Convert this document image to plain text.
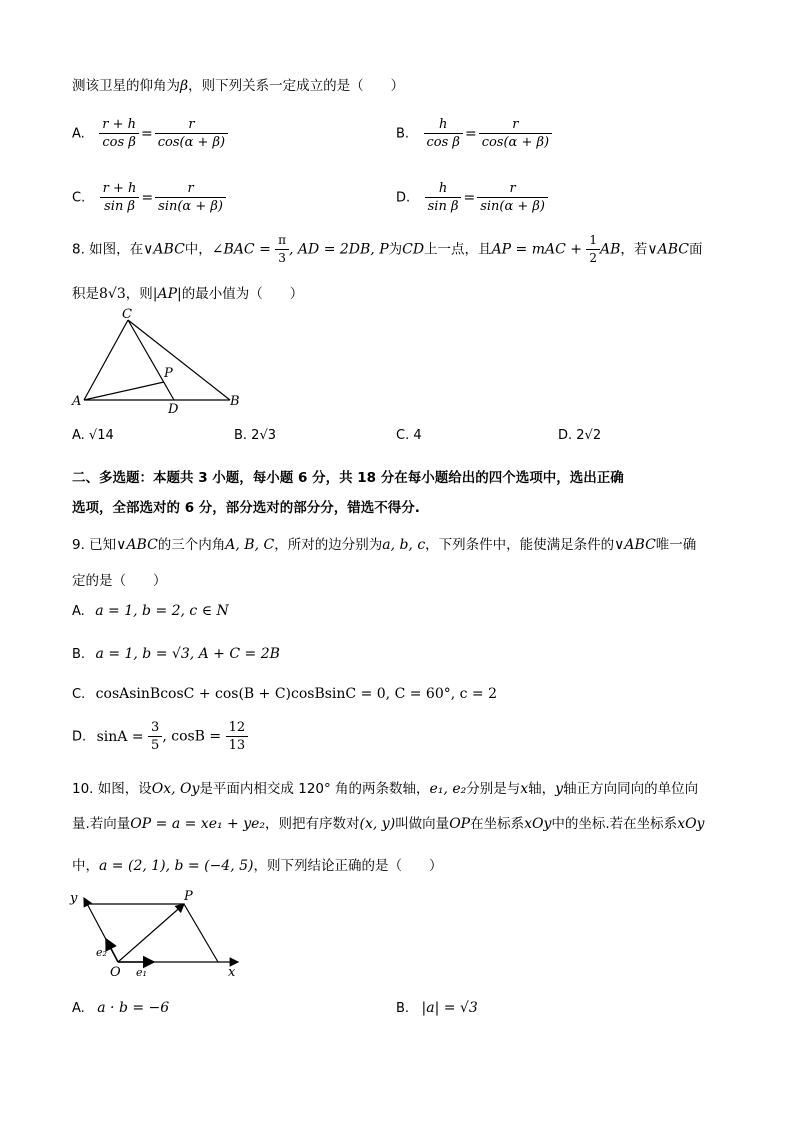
测该卫星的仰角为β，则下列关系一定成立的是（　　）
A. $\frac{r + h}{\text{cos β}} = \frac{r}{\cos(\alpha + \beta)}$	B. $\frac{h}{\text{cos β}} = \frac{r}{\cos(\alpha + \beta)}$
C. $\frac{r + h}{\text{sin β}} = \frac{r}{\sin(\alpha + \beta)}$	D. $\frac{h}{\text{sin β}} = \frac{r}{\sin(\alpha + \beta)}$
8. 如图，在∨ABC中，∠BAC = $\frac{\pi}{3}$ , AD = 2DB, P为CD上一点，且AP = mAC + $\frac{1}{2}$ AB，若∨ABC面
积是8√3，则|AP|的最小值为（　　）
C
P
A
D
B
A. √14	B. 2√3	C. 4	D. 2√2
二、多选题：本题共 3 小题，每小题 6 分，共 18 分在每小题给出的四个选项中，选出正确
选项，全部选对的 6 分，部分选对的部分分，错选不得分.
9. 已知∨ABC的三个内角A, B, C，所对的边分别为a, b, c，下列条件中，能使满足条件的∨ABC唯一确
定的是（　　）
A. a = 1, b = 2, c ∈ N
B. a = 1, b = √3, A + C = 2B
C. cosAsinBcosC + cos(B + C)cosBsinC = 0, C = 60°, c = 2
D. $\sin A = \frac{3}{5}$ , $\cos B = \frac{12}{13}$
10. 如图，设Ox, Oy是平面内相交成 120° 角的两条数轴，e₁, e₂分别是与x轴，y轴正方向同向的单位向
量.若向量OP = a = xe₁ + ye₂，则把有序数对(x, y)叫做向量OP在坐标系xOy中的坐标.若在坐标系xOy
中，a = (2, 1), b = (−4, 5)，则下列结论正确的是（　　）
y	P
e₂
O e₁	x
A. a · b = −6	B. |a| = √3
